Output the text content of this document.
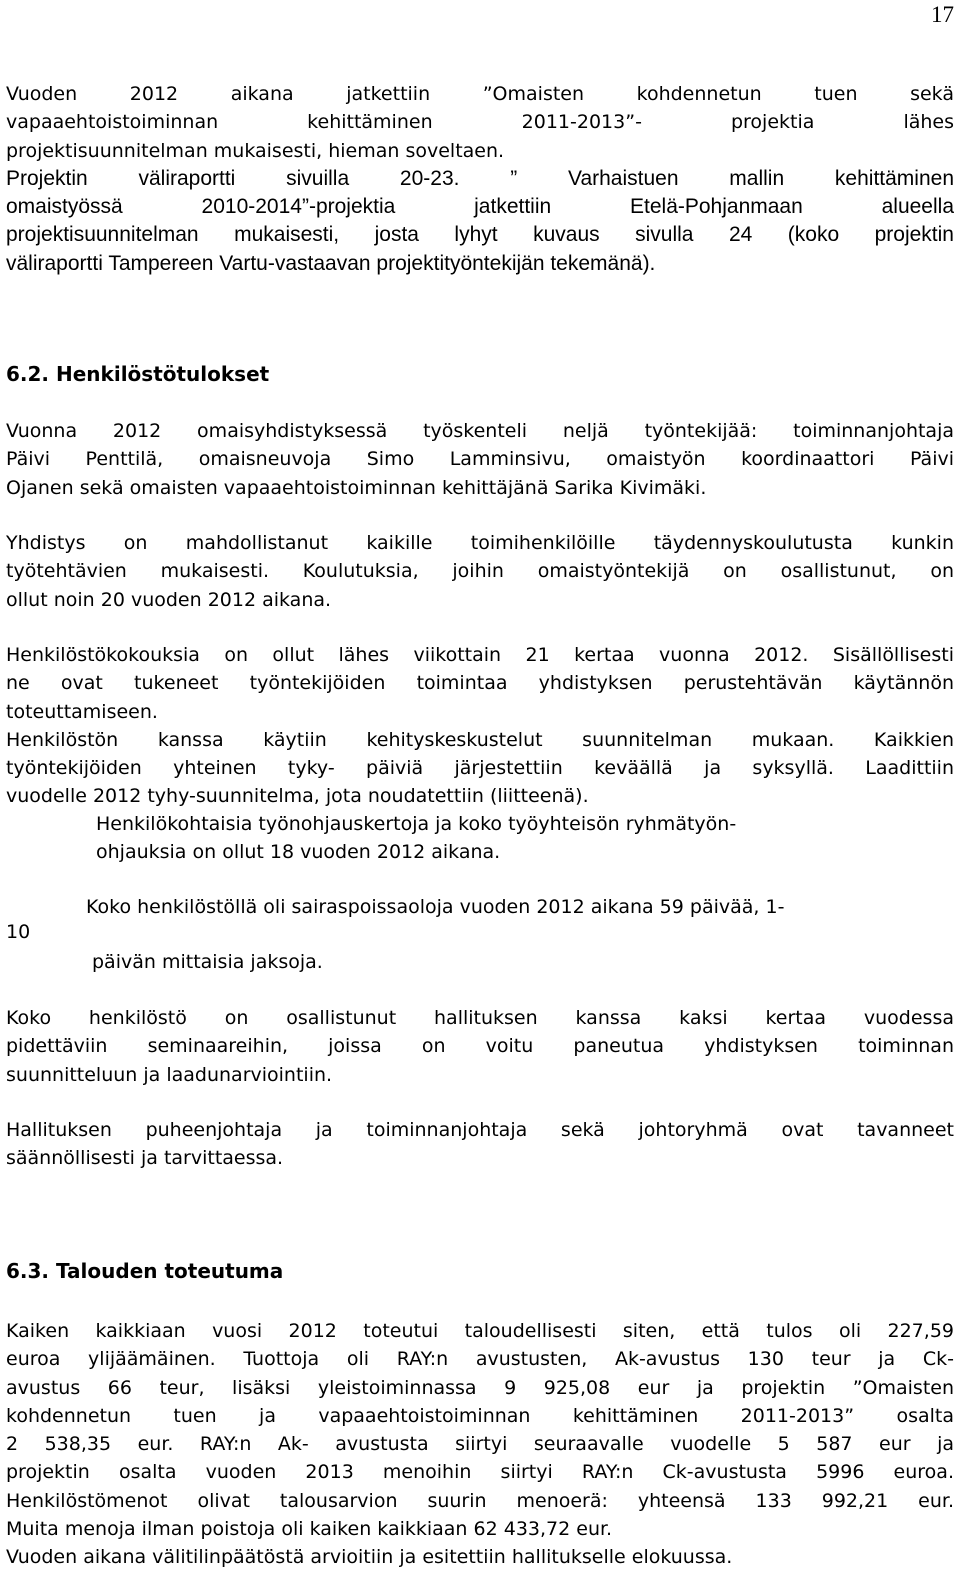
17
Vuoden 2012 aikana jatkettiin ”Omaisten kohdennetun tuen sekä
vapaaehtoistoiminnan kehittäminen 2011-2013”- projektia lähes
projektisuunnitelman mukaisesti, hieman soveltaen.
Projektin väliraportti sivuilla 20-23. ” Varhaistuen mallin kehittäminen
omaistyössä 2010-2014”-projektia jatkettiin Etelä-Pohjanmaan alueella
projektisuunnitelman mukaisesti, josta lyhyt kuvaus sivulla 24 (koko projektin
väliraportti Tampereen Vartu-vastaavan projektityöntekijän tekemänä).
6.2. Henkilöstötulokset
Vuonna 2012 omaisyhdistyksessä työskenteli neljä työntekijää: toiminnanjohtaja
Päivi Penttilä, omaisneuvoja Simo Lamminsivu, omaistyön koordinaattori Päivi
Ojanen sekä omaisten vapaaehtoistoiminnan kehittäjänä Sarika Kivimäki.
Yhdistys on mahdollistanut kaikille toimihenkilöille täydennyskoulutusta kunkin
työtehtävien mukaisesti. Koulutuksia, joihin omaistyöntekijä on osallistunut, on
ollut noin 20 vuoden 2012 aikana.
Henkilöstökokouksia on ollut lähes viikottain 21 kertaa vuonna 2012. Sisällöllisesti
ne ovat tukeneet työntekijöiden toimintaa yhdistyksen perustehtävän käytännön
toteuttamiseen.
Henkilöstön kanssa käytiin kehityskeskustelut suunnitelman mukaan. Kaikkien
työntekijöiden yhteinen tyky- päiviä järjestettiin keväällä ja syksyllä. Laadittiin
vuodelle 2012 tyhy-suunnitelma, jota noudatettiin (liitteenä).
Henkilökohtaisia työnohjauskertoja ja koko työyhteisön ryhmätyön-
ohjauksia on ollut 18 vuoden 2012 aikana.
Koko henkilöstöllä oli sairaspoissaoloja vuoden 2012 aikana 59 päivää, 1-
10
päivän mittaisia jaksoja.
Koko henkilöstö on osallistunut hallituksen kanssa kaksi kertaa vuodessa
pidettäviin seminaareihin, joissa on voitu paneutua yhdistyksen toiminnan
suunnitteluun ja laadunarviointiin.
Hallituksen puheenjohtaja ja toiminnanjohtaja sekä johtoryhmä ovat tavanneet
säännöllisesti ja tarvittaessa.
6.3. Talouden toteutuma
Kaiken kaikkiaan vuosi 2012 toteutui taloudellisesti siten, että tulos oli 227,59
euroa ylijäämäinen. Tuottoja oli RAY:n avustusten, Ak-avustus 130 teur ja Ck-
avustus 66 teur, lisäksi yleistoiminnassa 9 925,08 eur ja projektin ”Omaisten
kohdennetun tuen ja vapaaehtoistoiminnan kehittäminen 2011-2013” osalta
2 538,35 eur. RAY:n Ak- avustusta siirtyi seuraavalle vuodelle 5 587 eur ja
projektin osalta vuoden 2013 menoihin siirtyi RAY:n Ck-avustusta 5996 euroa.
Henkilöstömenot olivat talousarvion suurin menoerä: yhteensä 133 992,21 eur.
Muita menoja ilman poistoja oli kaiken kaikkiaan 62 433,72 eur.
Vuoden aikana välitilinpäätöstä arvioitiin ja esitettiin hallitukselle elokuussa.
